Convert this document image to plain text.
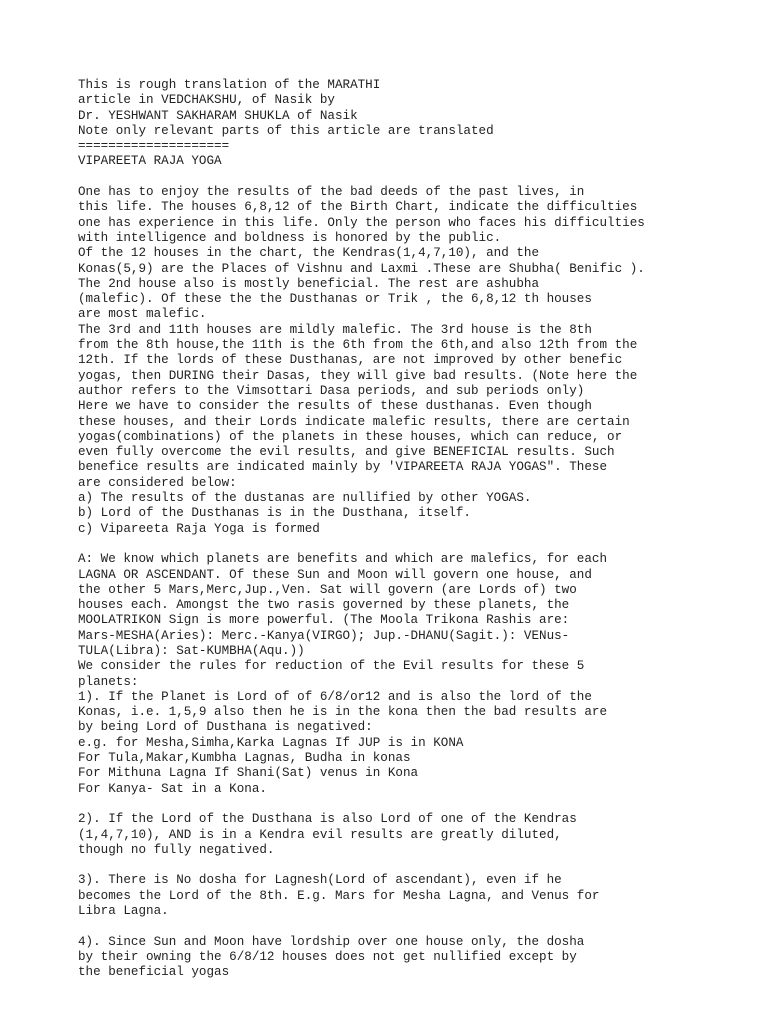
This is rough translation of the MARATHI
article in VEDCHAKSHU, of Nasik by
Dr. YESHWANT SAKHARAM SHUKLA of Nasik
Note only relevant parts of this article are translated
====================
VIPAREETA RAJA YOGA
One has to enjoy the results of the bad deeds of the past lives, in
this life. The houses 6,8,12 of the Birth Chart, indicate the difficulties
one has experience in this life. Only the person who faces his difficulties
with intelligence and boldness is honored by the public.
Of the 12 houses in the chart, the Kendras(1,4,7,10), and the
Konas(5,9) are the Places of Vishnu and Laxmi .These are Shubha( Benific ).
The 2nd house also is mostly beneficial. The rest are ashubha
(malefic). Of these the the Dusthanas or Trik , the 6,8,12 th houses
are most malefic.
The 3rd and 11th houses are mildly malefic. The 3rd house is the 8th
from the 8th house,the 11th is the 6th from the 6th,and also 12th from the
12th. If the lords of these Dusthanas, are not improved by other benefic
yogas, then DURING their Dasas, they will give bad results. (Note here the
author refers to the Vimsottari Dasa periods, and sub periods only)
Here we have to consider the results of these dusthanas. Even though
these houses, and their Lords indicate malefic results, there are certain
yogas(combinations) of the planets in these houses, which can reduce, or
even fully overcome the evil results, and give BENEFICIAL results. Such
benefice results are indicated mainly by 'VIPAREETA RAJA YOGAS". These
are considered below:
a) The results of the dustanas are nullified by other YOGAS.
b) Lord of the Dusthanas is in the Dusthana, itself.
c) Vipareeta Raja Yoga is formed
A: We know which planets are benefits and which are malefics, for each
LAGNA OR ASCENDANT. Of these Sun and Moon will govern one house, and
the other 5 Mars,Merc,Jup.,Ven. Sat will govern (are Lords of) two
houses each. Amongst the two rasis governed by these planets, the
MOOLATRIKON Sign is more powerful. (The Moola Trikona Rashis are:
Mars-MESHA(Aries): Merc.-Kanya(VIRGO); Jup.-DHANU(Sagit.): VENus-
TULA(Libra): Sat-KUMBHA(Aqu.))
We consider the rules for reduction of the Evil results for these 5
planets:
1). If the Planet is Lord of of 6/8/or12 and is also the lord of the
Konas, i.e. 1,5,9 also then he is in the kona then the bad results are
by being Lord of Dusthana is negatived:
e.g. for Mesha,Simha,Karka Lagnas If JUP is in KONA
For Tula,Makar,Kumbha Lagnas, Budha in konas
For Mithuna Lagna If Shani(Sat) venus in Kona
For Kanya- Sat in a Kona.
2). If the Lord of the Dusthana is also Lord of one of the Kendras
(1,4,7,10), AND is in a Kendra evil results are greatly diluted,
though no fully negatived.
3). There is No dosha for Lagnesh(Lord of ascendant), even if he
becomes the Lord of the 8th. E.g. Mars for Mesha Lagna, and Venus for
Libra Lagna.
4). Since Sun and Moon have lordship over one house only, the dosha
by their owning the 6/8/12 houses does not get nullified except by
the beneficial yogas
